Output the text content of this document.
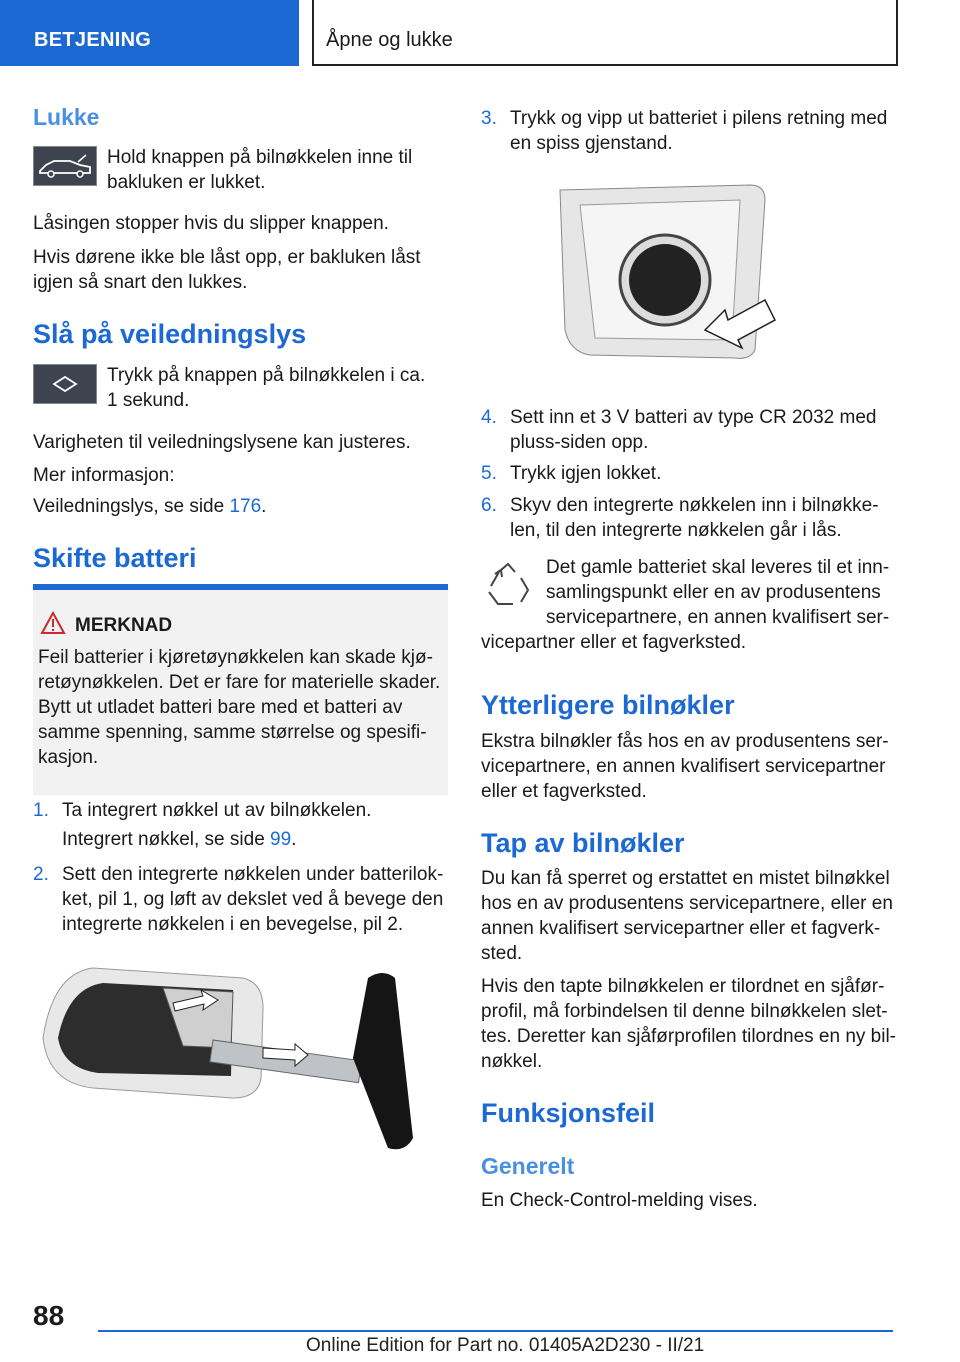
BETJENING	Åpne og lukke
Lukke
Hold knappen på bilnøkkelen inne til
bakluken er lukket.
Låsingen stopper hvis du slipper knappen.
Hvis dørene ikke ble låst opp, er bakluken låst
igjen så snart den lukkes.
Slå på veiledningslys
Trykk på knappen på bilnøkkelen i ca.
1 sekund.
Varigheten til veiledningslysene kan justeres.
Mer informasjon:
Veiledningslys, se side 176.
Skifte batteri
MERKNAD
Feil batterier i kjøretøynøkkelen kan skade kjø-
retøynøkkelen. Det er fare for materielle skader.
Bytt ut utladet batteri bare med et batteri av
samme spenning, samme størrelse og spesifi-
kasjon.
1. Ta integrert nøkkel ut av bilnøkkelen.
Integrert nøkkel, se side 99.
2. Sett den integrerte nøkkelen under batterilok-
ket, pil 1, og løft av dekslet ved å bevege den
integrerte nøkkelen i en bevegelse, pil 2.
3. Trykk og vipp ut batteriet i pilens retning med
en spiss gjenstand.
4. Sett inn et 3 V batteri av type CR 2032 med
pluss-siden opp.
5. Trykk igjen lokket.
6. Skyv den integrerte nøkkelen inn i bilnøkke-
len, til den integrerte nøkkelen går i lås.
Det gamle batteriet skal leveres til et inn-
samlingspunkt eller en av produsentens
servicepartnere, en annen kvalifisert ser-
vicepartner eller et fagverksted.
Ytterligere bilnøkler
Ekstra bilnøkler fås hos en av produsentens ser-
vicepartnere, en annen kvalifisert servicepartner
eller et fagverksted.
Tap av bilnøkler
Du kan få sperret og erstattet en mistet bilnøkkel
hos en av produsentens servicepartnere, eller en
annen kvalifisert servicepartner eller et fagverk-
sted.
Hvis den tapte bilnøkkelen er tilordnet en sjåfør-
profil, må forbindelsen til denne bilnøkkelen slet-
tes. Deretter kan sjåførprofilen tilordnes en ny bil-
nøkkel.
Funksjonsfeil
Generelt
En Check-Control-melding vises.
88
Online Edition for Part no. 01405A2D230 - II/21
